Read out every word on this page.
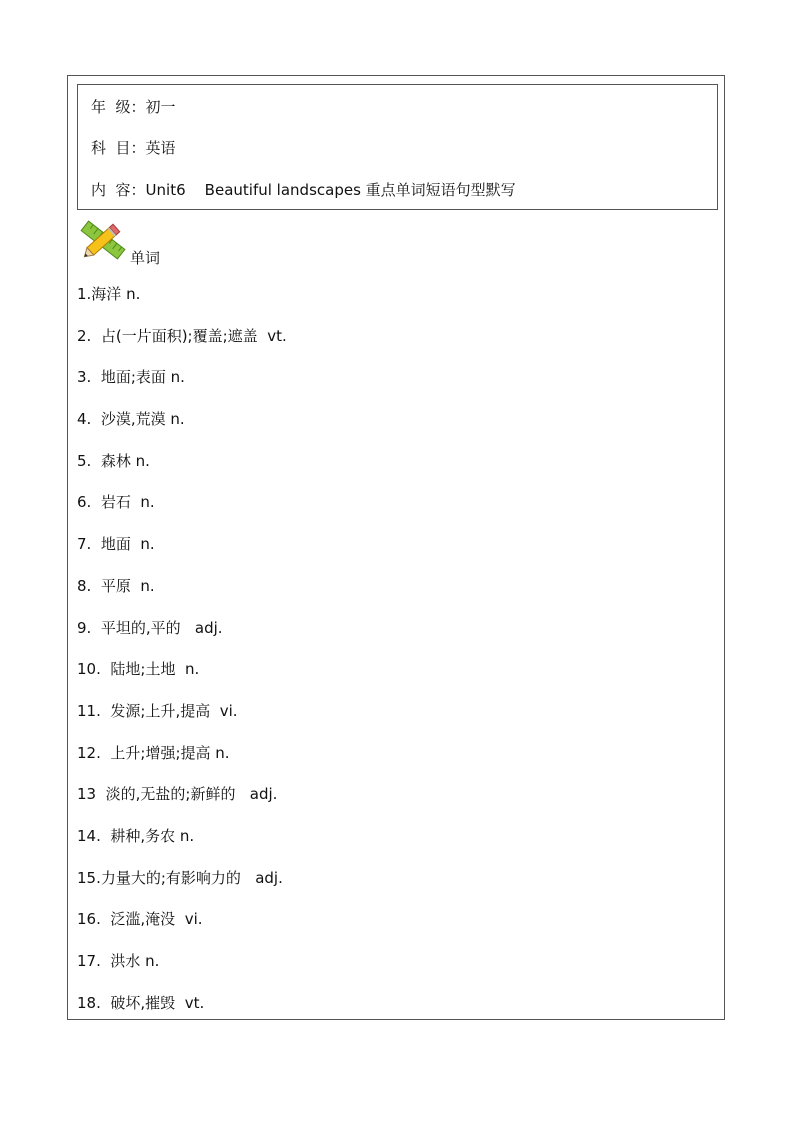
年  级：初一
科  目：英语
内  容：Unit6    Beautiful landscapes 重点单词短语句型默写
单词
1.海洋 n.
2.  占(一片面积);覆盖;遮盖  vt.
3.  地面;表面 n.
4.  沙漠,荒漠 n.
5.  森林 n.
6.  岩石  n.
7.  地面  n.
8.  平原  n.
9.  平坦的,平的   adj.
10.  陆地;土地  n.
11.  发源;上升,提高  vi.
12.  上升;增强;提高 n.
13  淡的,无盐的;新鲜的   adj.
14.  耕种,务农 n.
15.力量大的;有影响力的   adj.
16.  泛滥,淹没  vi.
17.  洪水 n.
18.  破坏,摧毁  vt.
